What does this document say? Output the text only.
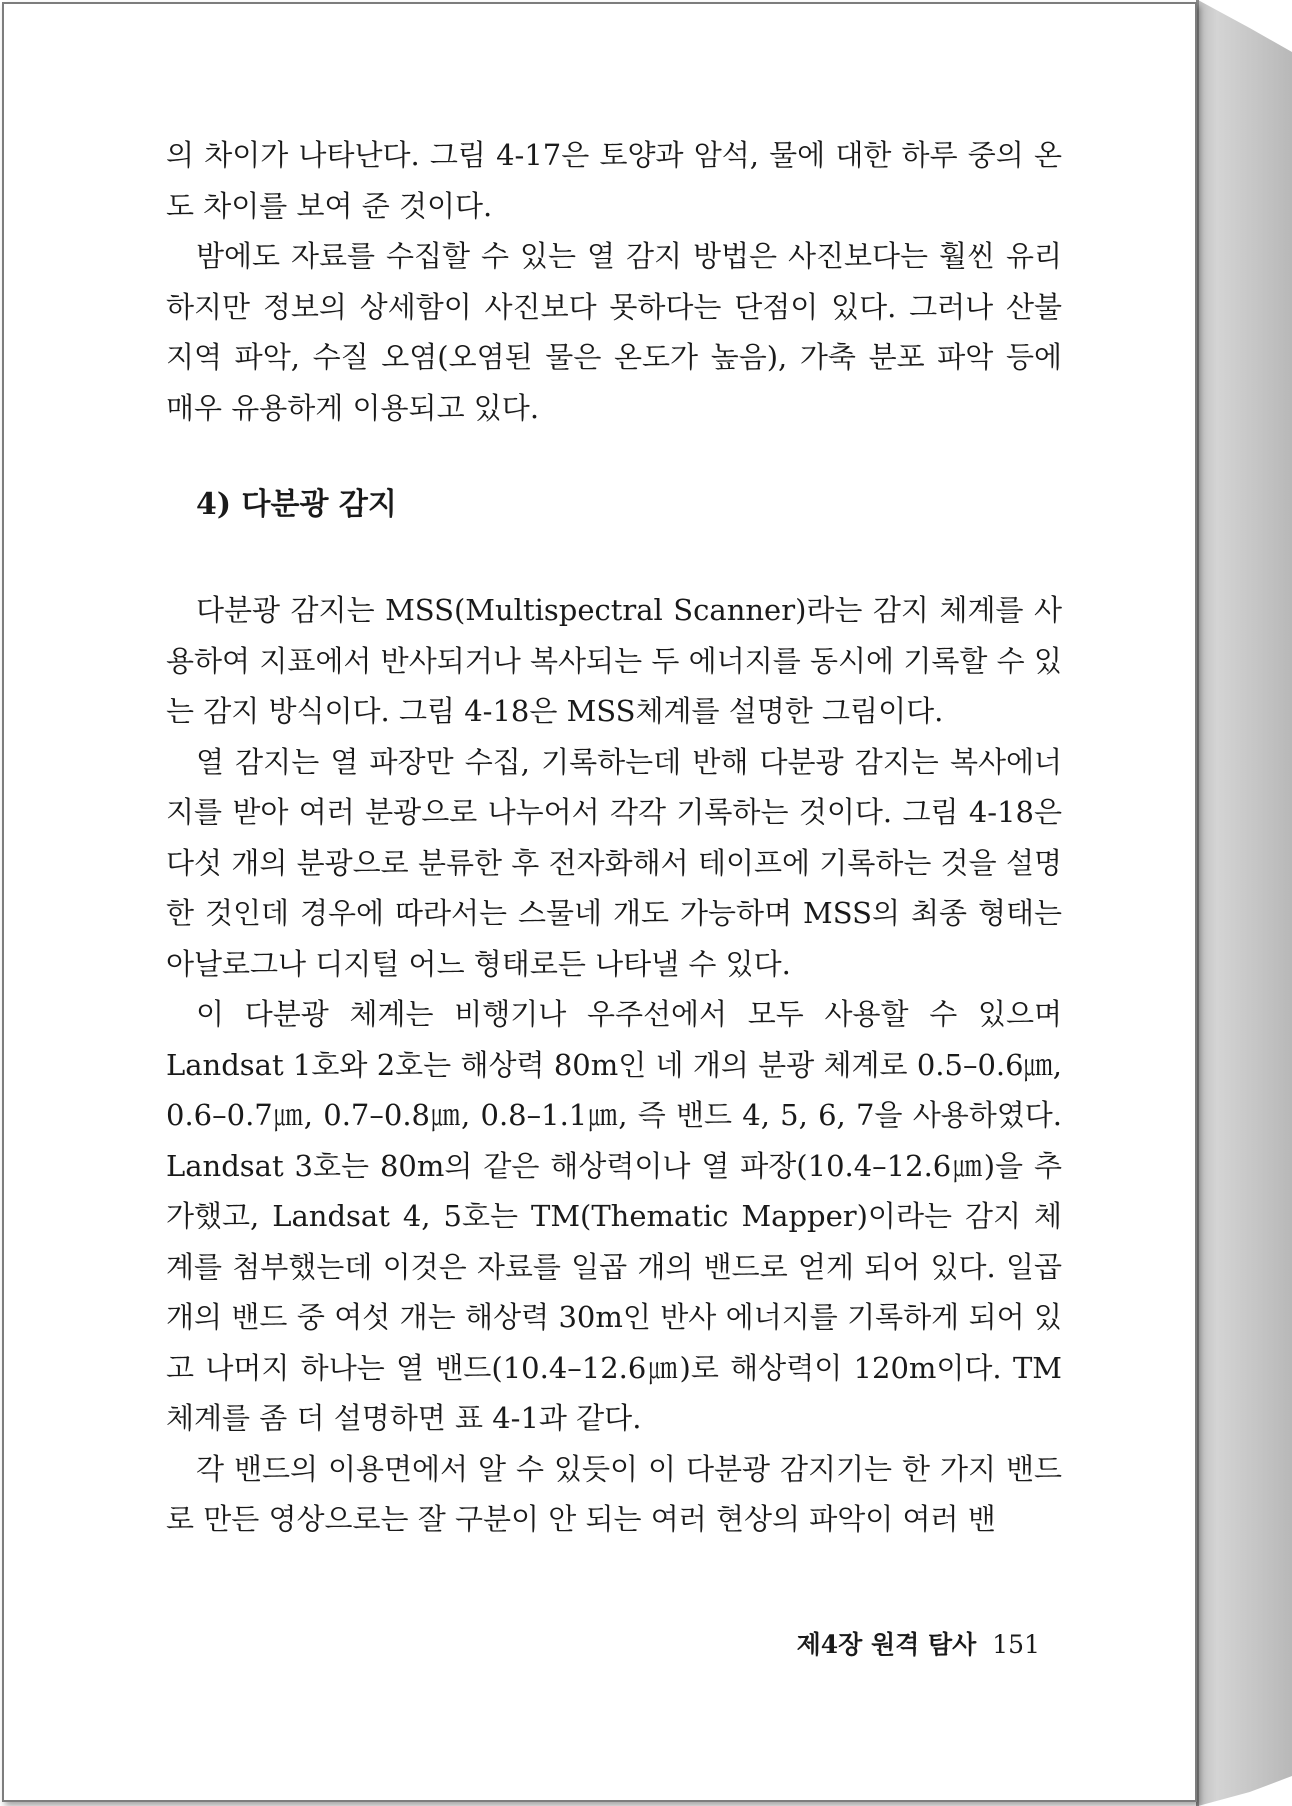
의 차이가 나타난다. 그림 4-17은 토양과 암석, 물에 대한 하루 중의 온도 차이를 보여 준 것이다.

밤에도 자료를 수집할 수 있는 열 감지 방법은 사진보다는 훨씬 유리하지만 정보의 상세함이 사진보다 못하다는 단점이 있다. 그러나 산불 지역 파악, 수질 오염(오염된 물은 온도가 높음), 가축 분포 파악 등에 매우 유용하게 이용되고 있다.

4) 다분광 감지

다분광 감지는 MSS(Multispectral Scanner)라는 감지 체계를 사용하여 지표에서 반사되거나 복사되는 두 에너지를 동시에 기록할 수 있는 감지 방식이다. 그림 4-18은 MSS체계를 설명한 그림이다.

열 감지는 열 파장만 수집, 기록하는데 반해 다분광 감지는 복사에너지를 받아 여러 분광으로 나누어서 각각 기록하는 것이다. 그림 4-18은 다섯 개의 분광으로 분류한 후 전자화해서 테이프에 기록하는 것을 설명한 것인데 경우에 따라서는 스물네 개도 가능하며 MSS의 최종 형태는 아날로그나 디지털 어느 형태로든 나타낼 수 있다.

이 다분광 체계는 비행기나 우주선에서 모두 사용할 수 있으며 Landsat 1호와 2호는 해상력 80m인 네 개의 분광 체계로 0.5–0.6㎛, 0.6–0.7㎛, 0.7–0.8㎛, 0.8–1.1㎛, 즉 밴드 4, 5, 6, 7을 사용하였다. Landsat 3호는 80m의 같은 해상력이나 열 파장(10.4–12.6㎛)을 추가했고, Landsat 4, 5호는 TM(Thematic Mapper)이라는 감지 체계를 첨부했는데 이것은 자료를 일곱 개의 밴드로 얻게 되어 있다. 일곱 개의 밴드 중 여섯 개는 해상력 30m인 반사 에너지를 기록하게 되어 있고 나머지 하나는 열 밴드(10.4–12.6㎛)로 해상력이 120m이다. TM체계를 좀 더 설명하면 표 4-1과 같다.

각 밴드의 이용면에서 알 수 있듯이 이 다분광 감지기는 한 가지 밴드로 만든 영상으로는 잘 구분이 안 되는 여러 현상의 파악이 여러 밴

제4장 원격 탐사 151
